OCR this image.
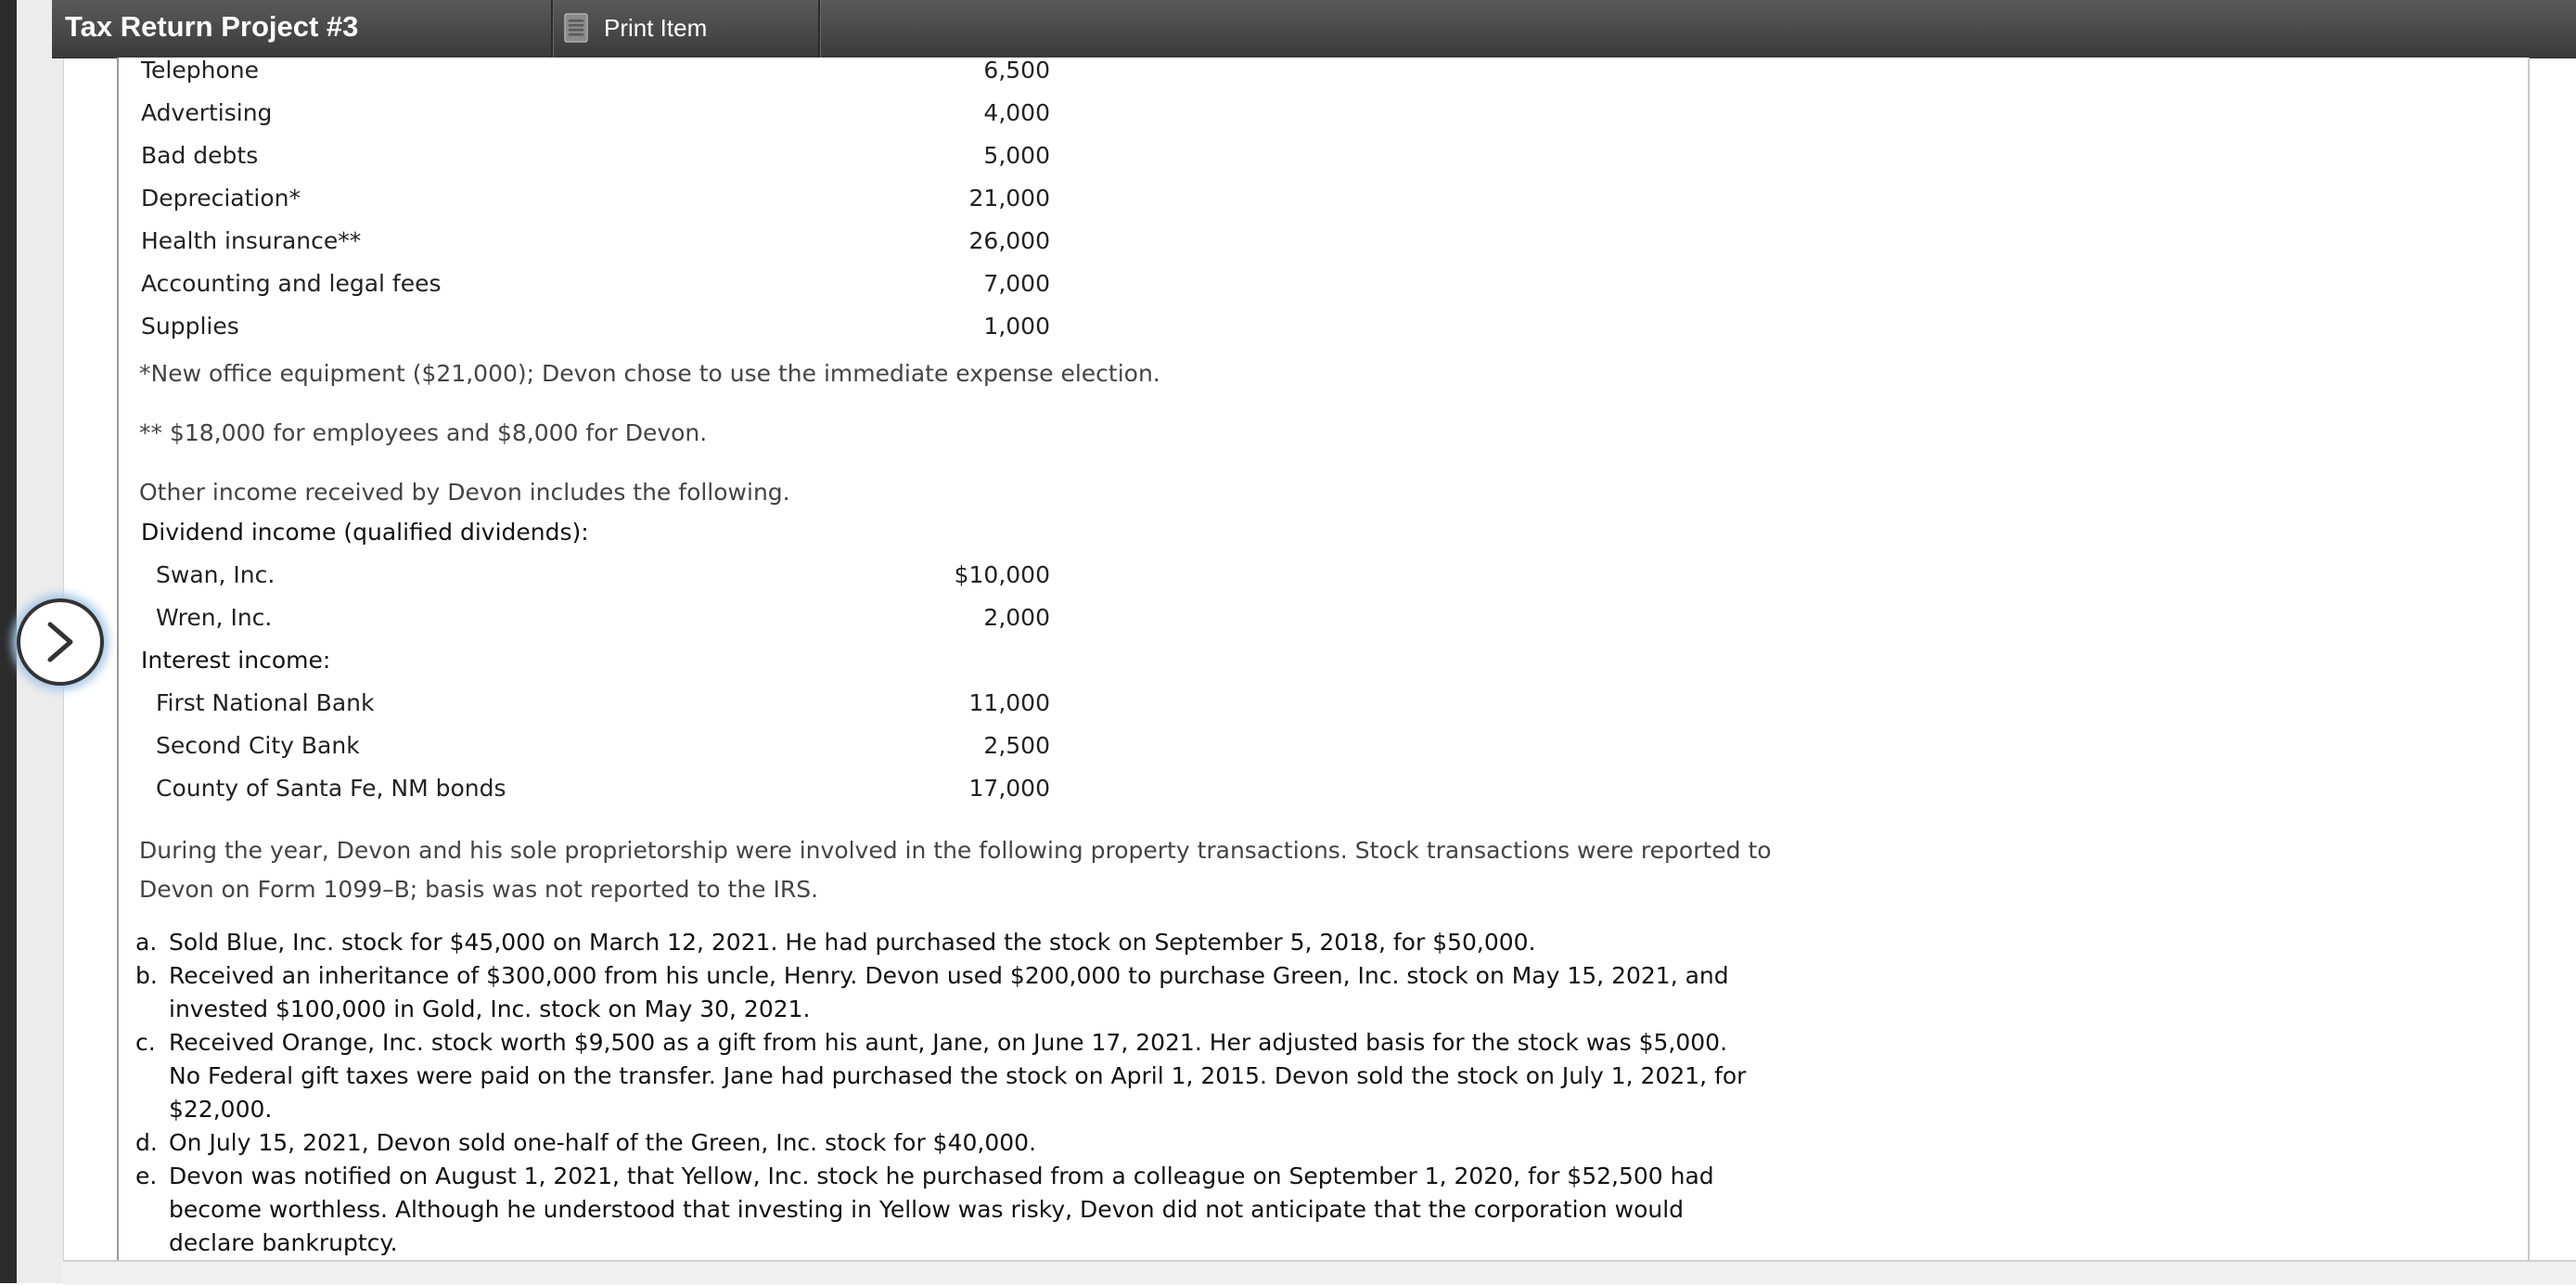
Tax Return Project #3	Print Item
Telephone	6,500
Advertising	4,000
Bad debts	5,000
Depreciation*	21,000
Health insurance**	26,000
Accounting and legal fees	7,000
Supplies	1,000
*New office equipment ($21,000); Devon chose to use the immediate expense election.
** $18,000 for employees and $8,000 for Devon.
Other income received by Devon includes the following.
Dividend income (qualified dividends):
Swan, Inc.	$10,000
Wren, Inc.	2,000
Interest income:
First National Bank	11,000
Second City Bank	2,500
County of Santa Fe, NM bonds	17,000
During the year, Devon and his sole proprietorship were involved in the following property transactions. Stock transactions were reported to
Devon on Form 1099–B; basis was not reported to the IRS.
a. Sold Blue, Inc. stock for $45,000 on March 12, 2021. He had purchased the stock on September 5, 2018, for $50,000.
b. Received an inheritance of $300,000 from his uncle, Henry. Devon used $200,000 to purchase Green, Inc. stock on May 15, 2021, and
invested $100,000 in Gold, Inc. stock on May 30, 2021.
c. Received Orange, Inc. stock worth $9,500 as a gift from his aunt, Jane, on June 17, 2021. Her adjusted basis for the stock was $5,000.
No Federal gift taxes were paid on the transfer. Jane had purchased the stock on April 1, 2015. Devon sold the stock on July 1, 2021, for
$22,000.
d. On July 15, 2021, Devon sold one-half of the Green, Inc. stock for $40,000.
e. Devon was notified on August 1, 2021, that Yellow, Inc. stock he purchased from a colleague on September 1, 2020, for $52,500 had
become worthless. Although he understood that investing in Yellow was risky, Devon did not anticipate that the corporation would
declare bankruptcy.
